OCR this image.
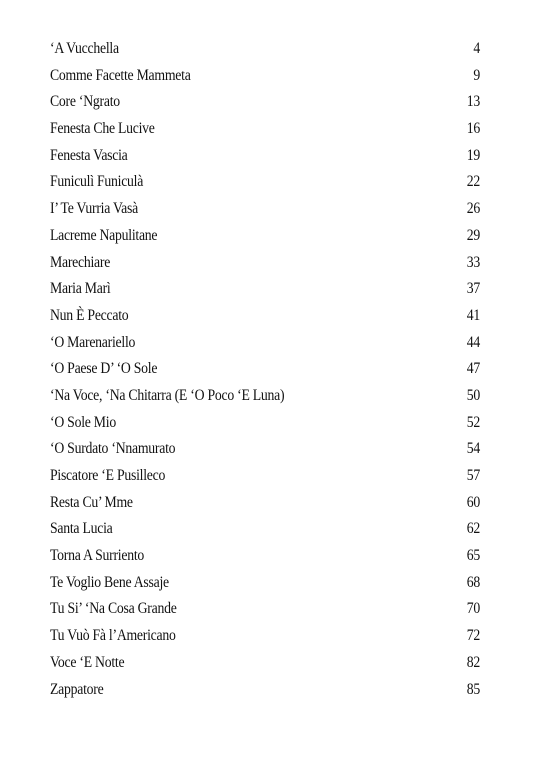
‘A Vucchella	4
Comme Facette Mammeta	9
Core ‘Ngrato	13
Fenesta Che Lucive	16
Fenesta Vascia	19
Funiculì Funiculà	22
I’ Te Vurria Vasà	26
Lacreme Napulitane	29
Marechiare	33
Maria Marì	37
Nun È Peccato	41
‘O Marenariello	44
‘O Paese D’ ‘O Sole	47
‘Na Voce, ‘Na Chitarra (E ‘O Poco ‘E Luna)	50
‘O Sole Mio	52
‘O Surdato ‘Nnamurato	54
Piscatore ‘E Pusilleco	57
Resta Cu’ Mme	60
Santa Lucia	62
Torna A Surriento	65
Te Voglio Bene Assaje	68
Tu Si’ ‘Na Cosa Grande	70
Tu Vuò Fà l’Americano	72
Voce ‘E Notte	82
Zappatore	85
